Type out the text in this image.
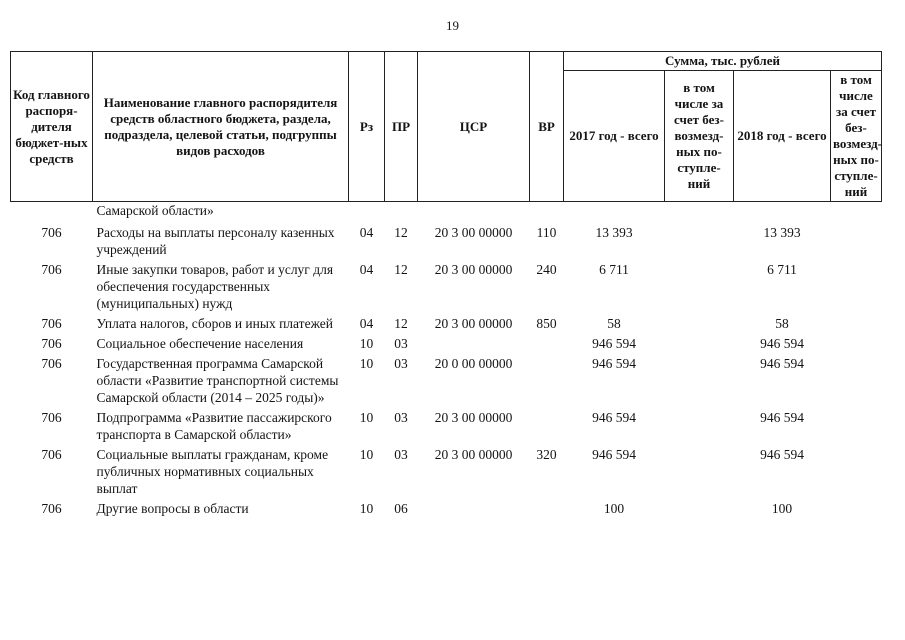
19
Код главного распоря-дителя бюджет-ных средств	Наименование главного распорядителя средств областного бюджета, раздела, подраздела, целевой статьи, подгруппы видов расходов	Рз	ПР	ЦСР	ВР	Сумма, тыс. рублей			
						2017 год - всего	в том числе за счет без-возмезд-ных по-ступле-ний	2018 год - всего	в том числе за счет без-возмезд-ных по-ступле-ний
	Самарской области»								
706	Расходы на выплаты персоналу казенных учреждений	04	12	20 3 00 00000	110	13 393		13 393	
706	Иные закупки товаров, работ и услуг для обеспечения государственных (муниципальных) нужд	04	12	20 3 00 00000	240	6 711		6 711	
706	Уплата налогов, сборов и иных платежей	04	12	20 3 00 00000	850	58		58	
706	Социальное обеспечение населения	10	03			946 594		946 594	
706	Государственная программа Самарской области «Развитие транспортной системы Самарской области (2014 – 2025 годы)»	10	03	20 0 00 00000		946 594		946 594	
706	Подпрограмма «Развитие пассажирского транспорта в Самарской области»	10	03	20 3 00 00000		946 594		946 594	
706	Социальные выплаты гражданам, кроме публичных нормативных социальных выплат	10	03	20 3 00 00000	320	946 594		946 594	
706	Другие вопросы в области	10	06			100		100	
